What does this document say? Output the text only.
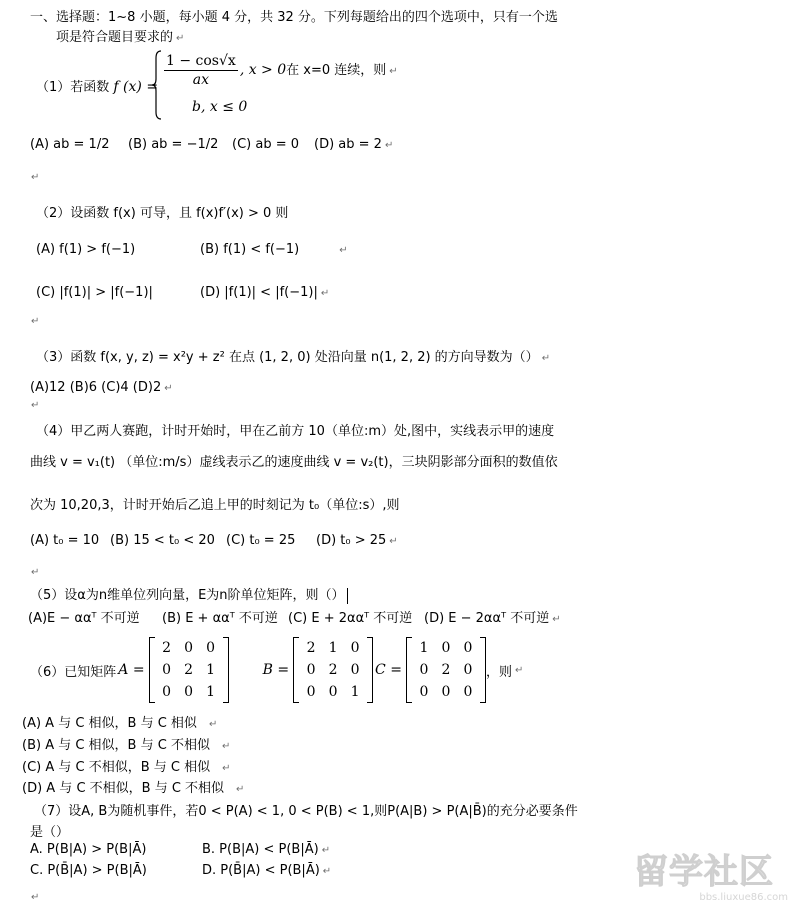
一、选择题：1~8 小题，每小题 4 分，共 32 分。下列每题给出的四个选项中，只有一个选
项是符合题目要求的 ↵
（1）若函数 f $(x) = \frac{1 - \cos√x}{ax}$ , x > 0在 x=0 连续，则 ↵
b, x ≤ 0
(A) ab = 1/2 (B) ab = −1/2 (C) ab = 0 (D) ab = 2 ↵
↵
（2）设函数 f(x) 可导，且 f(x)f′(x) > 0 则
(A) f(1) > f(−1)	(B) f(1) < f(−1)	↵
(C) |f(1)| > |f(−1)|	(D) |f(1)| < |f(−1)| ↵
↵
（3）函数 f(x, y, z) = x²y + z² 在点 (1, 2, 0) 处沿向量 n(1, 2, 2) 的方向导数为（） ↵
(A)12 (B)6 (C)4 (D)2 ↵
↵
（4）甲乙两人赛跑，计时开始时，甲在乙前方 10（单位:m）处,图中，实线表示甲的速度
曲线 v = v₁(t) （单位:m/s）虚线表示乙的速度曲线 v = v₂(t)，三块阴影部分面积的数值依
次为 10,20,3，计时开始后乙追上甲的时刻记为 t₀（单位:s）,则
(A) t₀ = 10 (B) 15 < t₀ < 20 (C) t₀ = 25 (D) t₀ > 25 ↵
↵
（5）设α为n维单位列向量，E为n阶单位矩阵，则（）
(A)E − ααᵀ 不可逆 (B) E + ααᵀ 不可逆 (C) E + 2ααᵀ 不可逆 (D) E − 2ααᵀ 不可逆 ↵
（6）已知矩阵 A =
2	0	0
0	2	1
0	0	1
B =
2	1	0
0	2	0
0	0	1
C =
1	0	0
0	2	0
0	0	0
，则 ↵
(A) A 与 C 相似，B 与 C 相似 ↵
(B) A 与 C 相似，B 与 C 不相似 ↵
(C) A 与 C 不相似，B 与 C 相似 ↵
(D) A 与 C 不相似，B 与 C 不相似 ↵
（7）设A, B为随机事件，若0 < P(A) < 1, 0 < P(B) < 1,则P(A|B) > P(A|B̄)的充分必要条件
是（）
A. P(B|A) > P(B|Ā)	B. P(B|A) < P(B|Ā) ↵
C. P(B̄|A) > P(B|Ā)	D. P(B̄|A) < P(B|Ā) ↵
↵
留学社区
bbs.liuxue86.com
